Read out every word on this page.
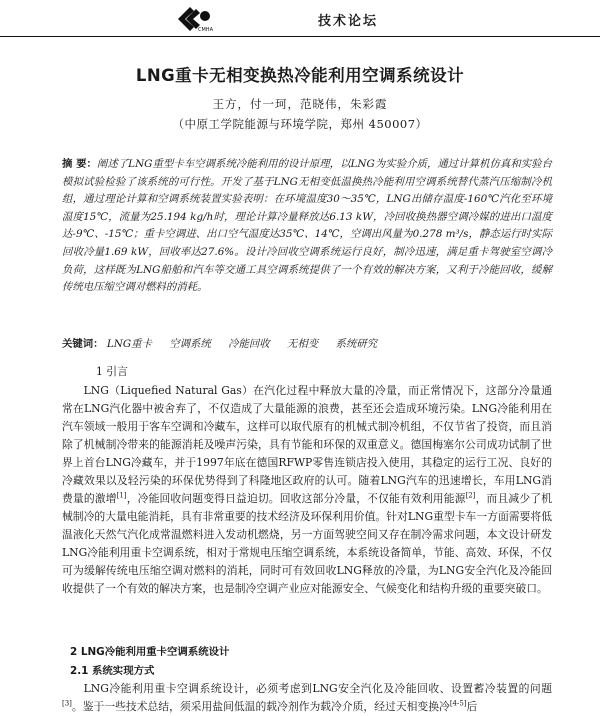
CMHA
技术论坛
LNG重卡无相变换热冷能利用空调系统设计
王方，付一珂，范晓伟，朱彩霞
（中原工学院能源与环境学院，郑州 450007）
摘 要：阐述了LNG重型卡车空调系统冷能利用的设计原理，以LNG为实验介质，通过计算机仿真和实验台模拟试验检验了该系统的可行性。开发了基于LNG无相变低温换热冷能利用空调系统替代蒸汽压缩制冷机组，通过理论计算和空调系统装置实验表明：在环境温度30～35℃，LNG出储存温度-160℃汽化至环境温度15℃，流量为25.194 kg/h时，理论计算冷量释放达6.13 kW，冷回收换热器空调冷媒的进出口温度达-9℃、-15℃；重卡空调进、出口空气温度达35℃、14℃，空调出风量为0.278 m³/s，静态运行时实际回收冷量1.69 kW，回收率达27.6%。设计冷回收空调系统运行良好，制冷迅速，满足重卡驾驶室空调冷负荷，这样既为LNG船舶和汽车等交通工具空调系统提供了一个有效的解决方案，又利于冷能回收，缓解传统电压缩空调对燃料的消耗。
关键词： LNG重卡 空调系统 冷能回收 无相变 系统研究
1 引言

LNG（Liquefied Natural Gas）在汽化过程中释放大量的冷量，而正常情况下，这部分冷量通常在LNG汽化器中被舍弃了，不仅造成了大量能源的浪费，甚至还会造成环境污染。LNG冷能利用在汽车领域一般用于客车空调和冷藏车，这样可以取代原有的机械式制冷机组，不仅节省了投资，而且消除了机械制冷带来的能源消耗及噪声污染，具有节能和环保的双重意义。德国梅塞尔公司成功试制了世界上首台LNG冷藏车，并于1997年底在德国RFWP零售连锁店投入使用，其稳定的运行工况、良好的冷藏效果以及轻污染的环保优势得到了科隆地区政府的认可。随着LNG汽车的迅速增长，车用LNG消费量的激增[1]，冷能回收问题变得日益迫切。回收这部分冷量，不仅能有效利用能源[2]，而且减少了机械制冷的大量电能消耗，具有非常重要的技术经济及环保利用价值。针对LNG重型卡车一方面需要将低温液化天然气汽化成常温燃料进入发动机燃烧，另一方面驾驶空间又存在制冷需求问题，本文设计研发LNG冷能利用重卡空调系统，相对于常规电压缩空调系统，本系统设备简单，节能、高效、环保，不仅可为缓解传统电压缩空调对燃料的消耗，同时可有效回收LNG释放的冷量，为LNG安全汽化及冷能回收提供了一个有效的解决方案，也是制冷空调产业应对能源安全、气候变化和结构升级的重要突破口。

2 LNG冷能利用重卡空调系统设计
2.1 系统实现方式

LNG冷能利用重卡空调系统设计，必须考虑到LNG安全汽化及冷能回收、设置蓄冷装置的问题[3]。鉴于一些技术总结，须采用盐间低温的载冷剂作为载冷介质，经过天相变换冷[4-5]后
